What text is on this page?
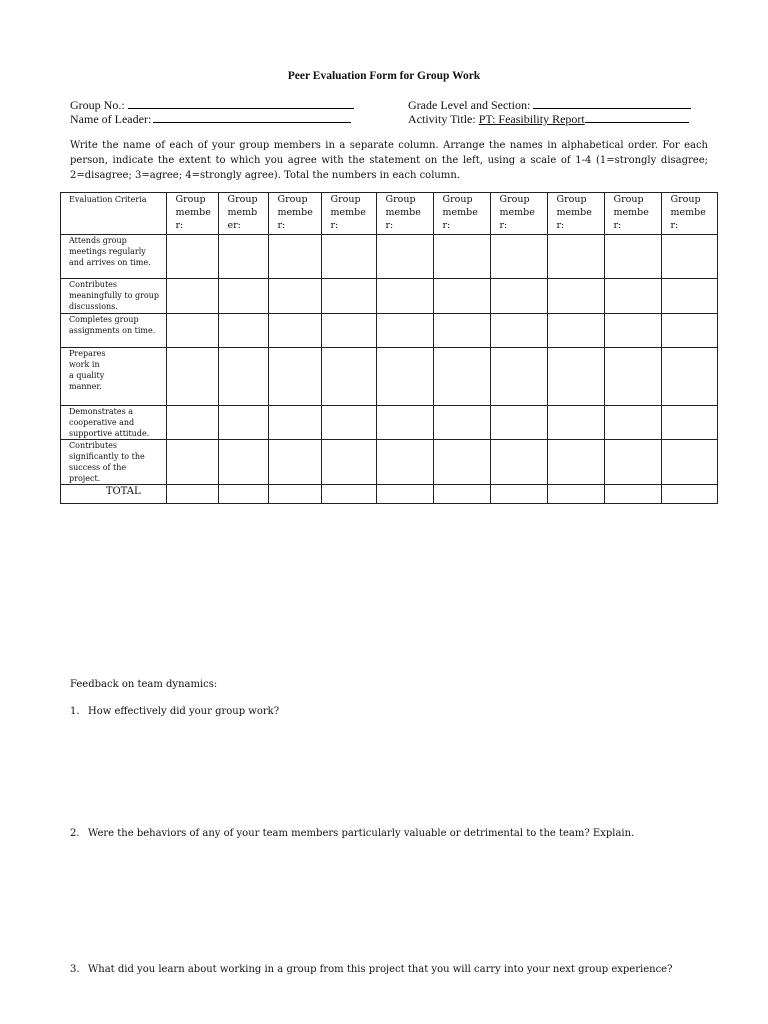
Peer Evaluation Form for Group Work
Group No.:
Name of Leader:
Grade Level and Section:
Activity Title: PT: Feasibility Report
Write the name of each of your group members in a separate column. Arrange the names in alphabetical order. For each person, indicate the extent to which you agree with the statement on the left, using a scale of 1-4 (1=strongly disagree; 2=disagree; 3=agree; 4=strongly agree). Total the numbers in each column.
Evaluation Criteria	Group member:	Group member:	Group member:	Group member:	Group member:	Group member:	Group member:	Group member:	Group member:	Group member:
Attends group meetings regularly and arrives on time.										
Contributes meaningfully to group discussions.										
Completes group assignments on time.										
Prepares work in a quality manner.										
Demonstrates a cooperative and supportive attitude.										
Contributes significantly to the success of the project.										
TOTAL										
Feedback on team dynamics:
1. How effectively did your group work?
2. Were the behaviors of any of your team members particularly valuable or detrimental to the team? Explain.
3. What did you learn about working in a group from this project that you will carry into your next group experience?
